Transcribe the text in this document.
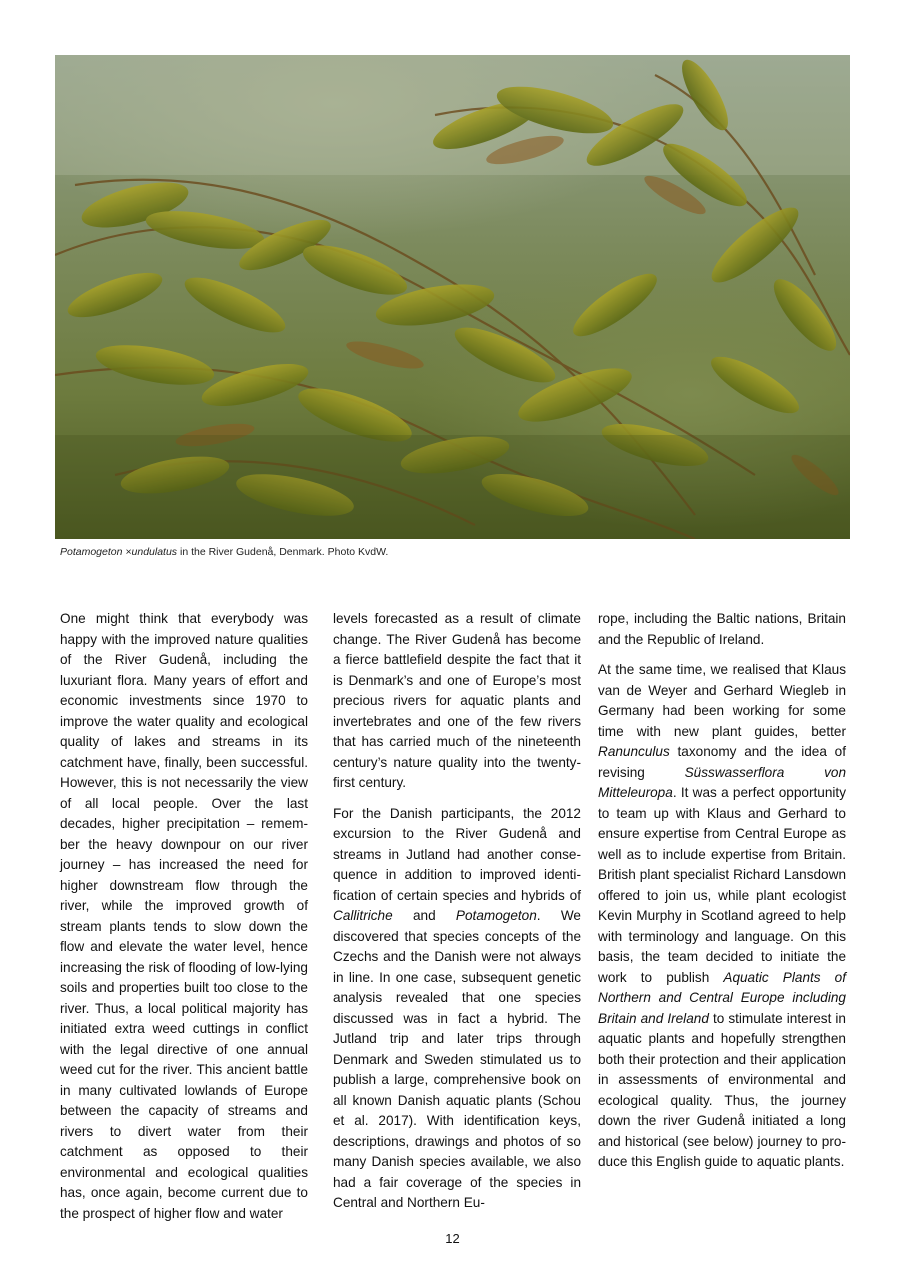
Potamogeton ×undulatus in the River Gudenå, Denmark. Photo KvdW.

One might think that everybody was happy with the improved nature qualities of the River Gudenå, including the luxuriant flora. Many years of effort and economic investments since 1970 to improve the water quality and ecological quality of lakes and streams in its catchment have, finally, been successful. However, this is not necessarily the view of all local people. Over the last decades, higher precipitation – remember the heavy downpour on our river journey – has increased the need for higher downstream flow through the river, while the improved growth of stream plants tends to slow down the flow and elevate the water level, hence increasing the risk of flooding of low-lying soils and properties built too close to the river. Thus, a local political majority has initiated extra weed cuttings in conflict with the legal directive of one annual weed cut for the river. This ancient battle in many cultivated lowlands of Europe between the capacity of streams and rivers to divert water from their catchment as opposed to their environmental and ecological qualities has, once again, become current due to the prospect of higher flow and water

levels forecasted as a result of climate change. The River Gudenå has become a fierce battlefield despite the fact that it is Denmark’s and one of Europe’s most precious rivers for aquatic plants and invertebrates and one of the few rivers that has carried much of the nineteenth century’s nature quality into the twenty-first century.

For the Danish participants, the 2012 excursion to the River Gudenå and streams in Jutland had another consequence in addition to improved identification of certain species and hybrids of Callitriche and Potamogeton. We discovered that species concepts of the Czechs and the Danish were not always in line. In one case, subsequent genetic analysis revealed that one species discussed was in fact a hybrid. The Jutland trip and later trips through Denmark and Sweden stimulated us to publish a large, comprehensive book on all known Danish aquatic plants (Schou et al. 2017). With identification keys, descriptions, drawings and photos of so many Danish species available, we also had a fair coverage of the species in Central and Northern Eu-

rope, including the Baltic nations, Britain and the Republic of Ireland.

At the same time, we realised that Klaus van de Weyer and Gerhard Wiegleb in Germany had been working for some time with new plant guides, better Ranunculus taxonomy and the idea of revising Süsswasserflora von Mitteleuropa. It was a perfect opportunity to team up with Klaus and Gerhard to ensure expertise from Central Europe as well as to include expertise from Britain. British plant specialist Richard Lansdown offered to join us, while plant ecologist Kevin Murphy in Scotland agreed to help with terminology and language. On this basis, the team decided to initiate the work to publish Aquatic Plants of Northern and Central Europe including Britain and Ireland to stimulate interest in aquatic plants and hopefully strengthen both their protection and their application in assessments of environmental and ecological quality. Thus, the journey down the river Gudenå initiated a long and historical (see below) journey to produce this English guide to aquatic plants.

12
